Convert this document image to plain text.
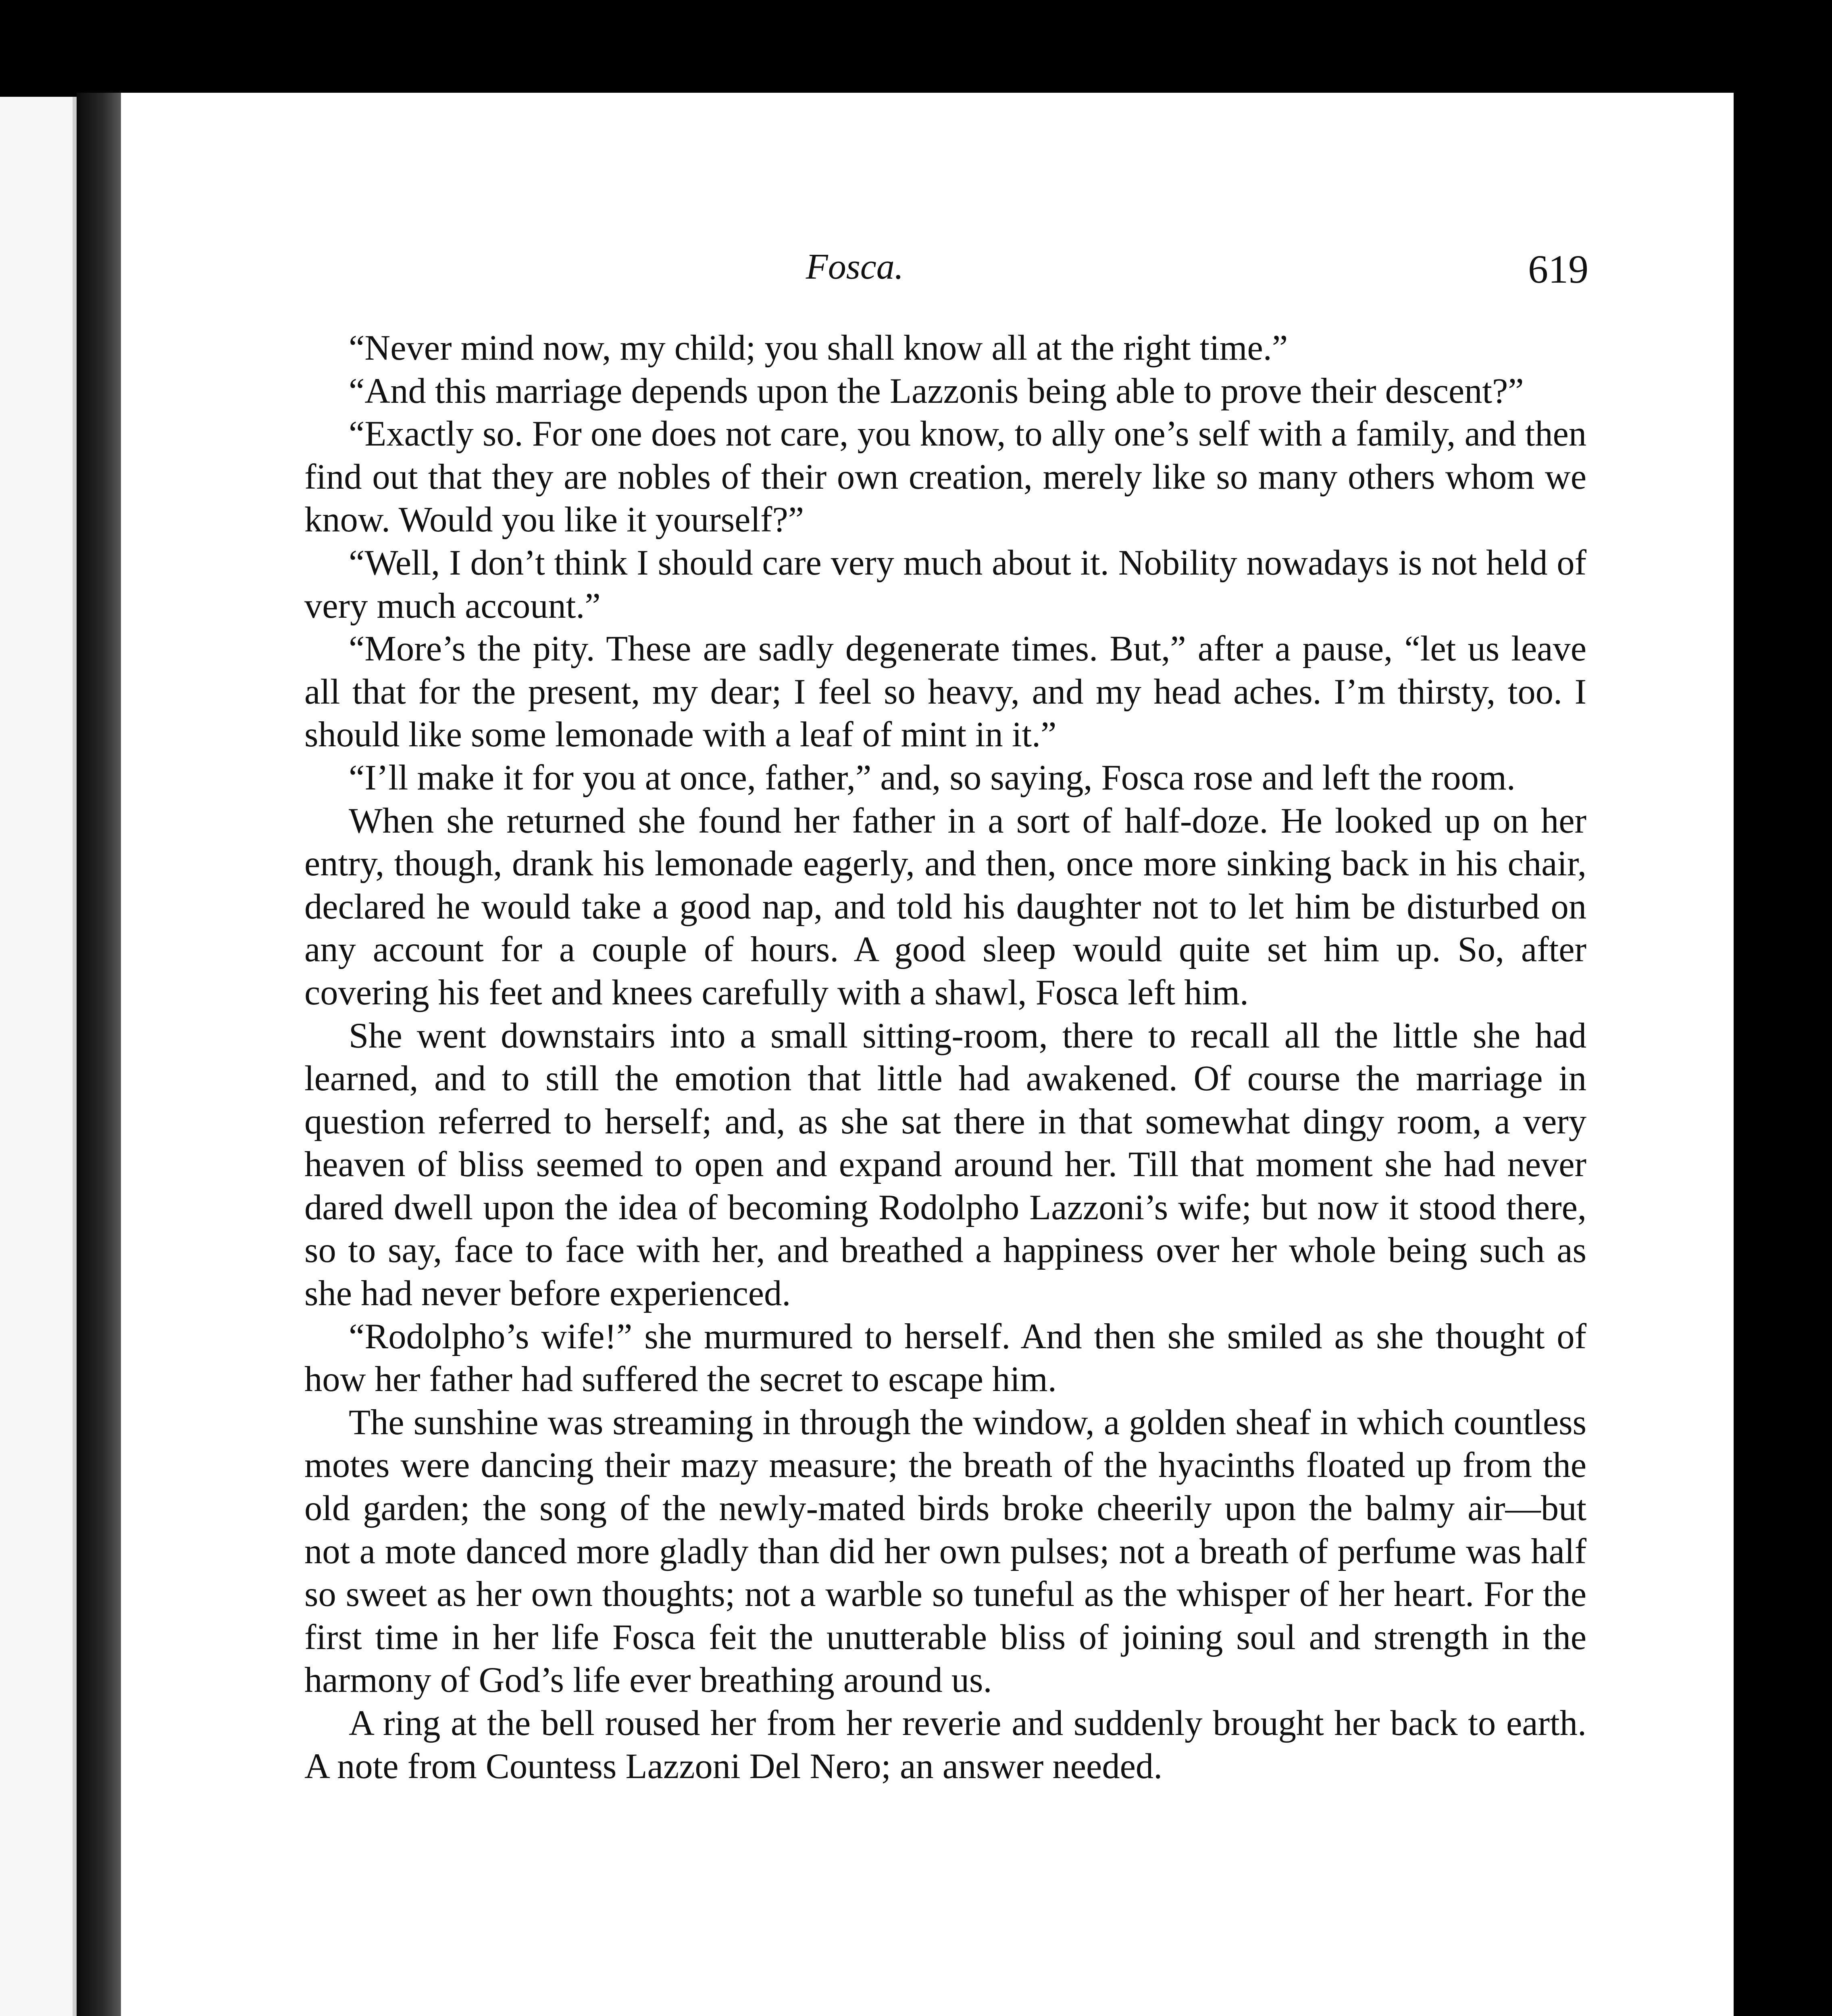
Fosca.	619

“Never mind now, my child; you shall know all at the right time.”

“And this marriage depends upon the Lazzonis being able to prove their descent?”

“Exactly so. For one does not care, you know, to ally one’s self with a family, and then find out that they are nobles of their own creation, merely like so many others whom we know. Would you like it yourself?”

“Well, I don’t think I should care very much about it. Nobility nowadays is not held of very much account.”

“More’s the pity. These are sadly degenerate times. But,” after a pause, “let us leave all that for the present, my dear; I feel so heavy, and my head aches. I’m thirsty, too. I should like some lemonade with a leaf of mint in it.”

“I’ll make it for you at once, father,” and, so saying, Fosca rose and left the room.

When she returned she found her father in a sort of half-doze. He looked up on her entry, though, drank his lemonade eagerly, and then, once more sinking back in his chair, declared he would take a good nap, and told his daughter not to let him be disturbed on any account for a couple of hours. A good sleep would quite set him up. So, after covering his feet and knees carefully with a shawl, Fosca left him.

She went downstairs into a small sitting-room, there to recall all the little she had learned, and to still the emotion that little had awakened. Of course the marriage in question referred to herself; and, as she sat there in that somewhat dingy room, a very heaven of bliss seemed to open and expand around her. Till that moment she had never dared dwell upon the idea of becoming Rodolpho Lazzoni’s wife; but now it stood there, so to say, face to face with her, and breathed a happiness over her whole being such as she had never before experienced.

“Rodolpho’s wife!” she murmured to herself. And then she smiled as she thought of how her father had suffered the secret to escape him.

The sunshine was streaming in through the window, a golden sheaf in which countless motes were dancing their mazy measure; the breath of the hyacinths floated up from the old garden; the song of the newly-mated birds broke cheerily upon the balmy air—but not a mote danced more gladly than did her own pulses; not a breath of perfume was half so sweet as her own thoughts; not a warble so tuneful as the whisper of her heart. For the first time in her life Fosca feit the unutterable bliss of joining soul and strength in the harmony of God’s life ever breathing around us.

A ring at the bell roused her from her reverie and suddenly brought her back to earth. A note from Countess Lazzoni Del Nero; an answer needed.
